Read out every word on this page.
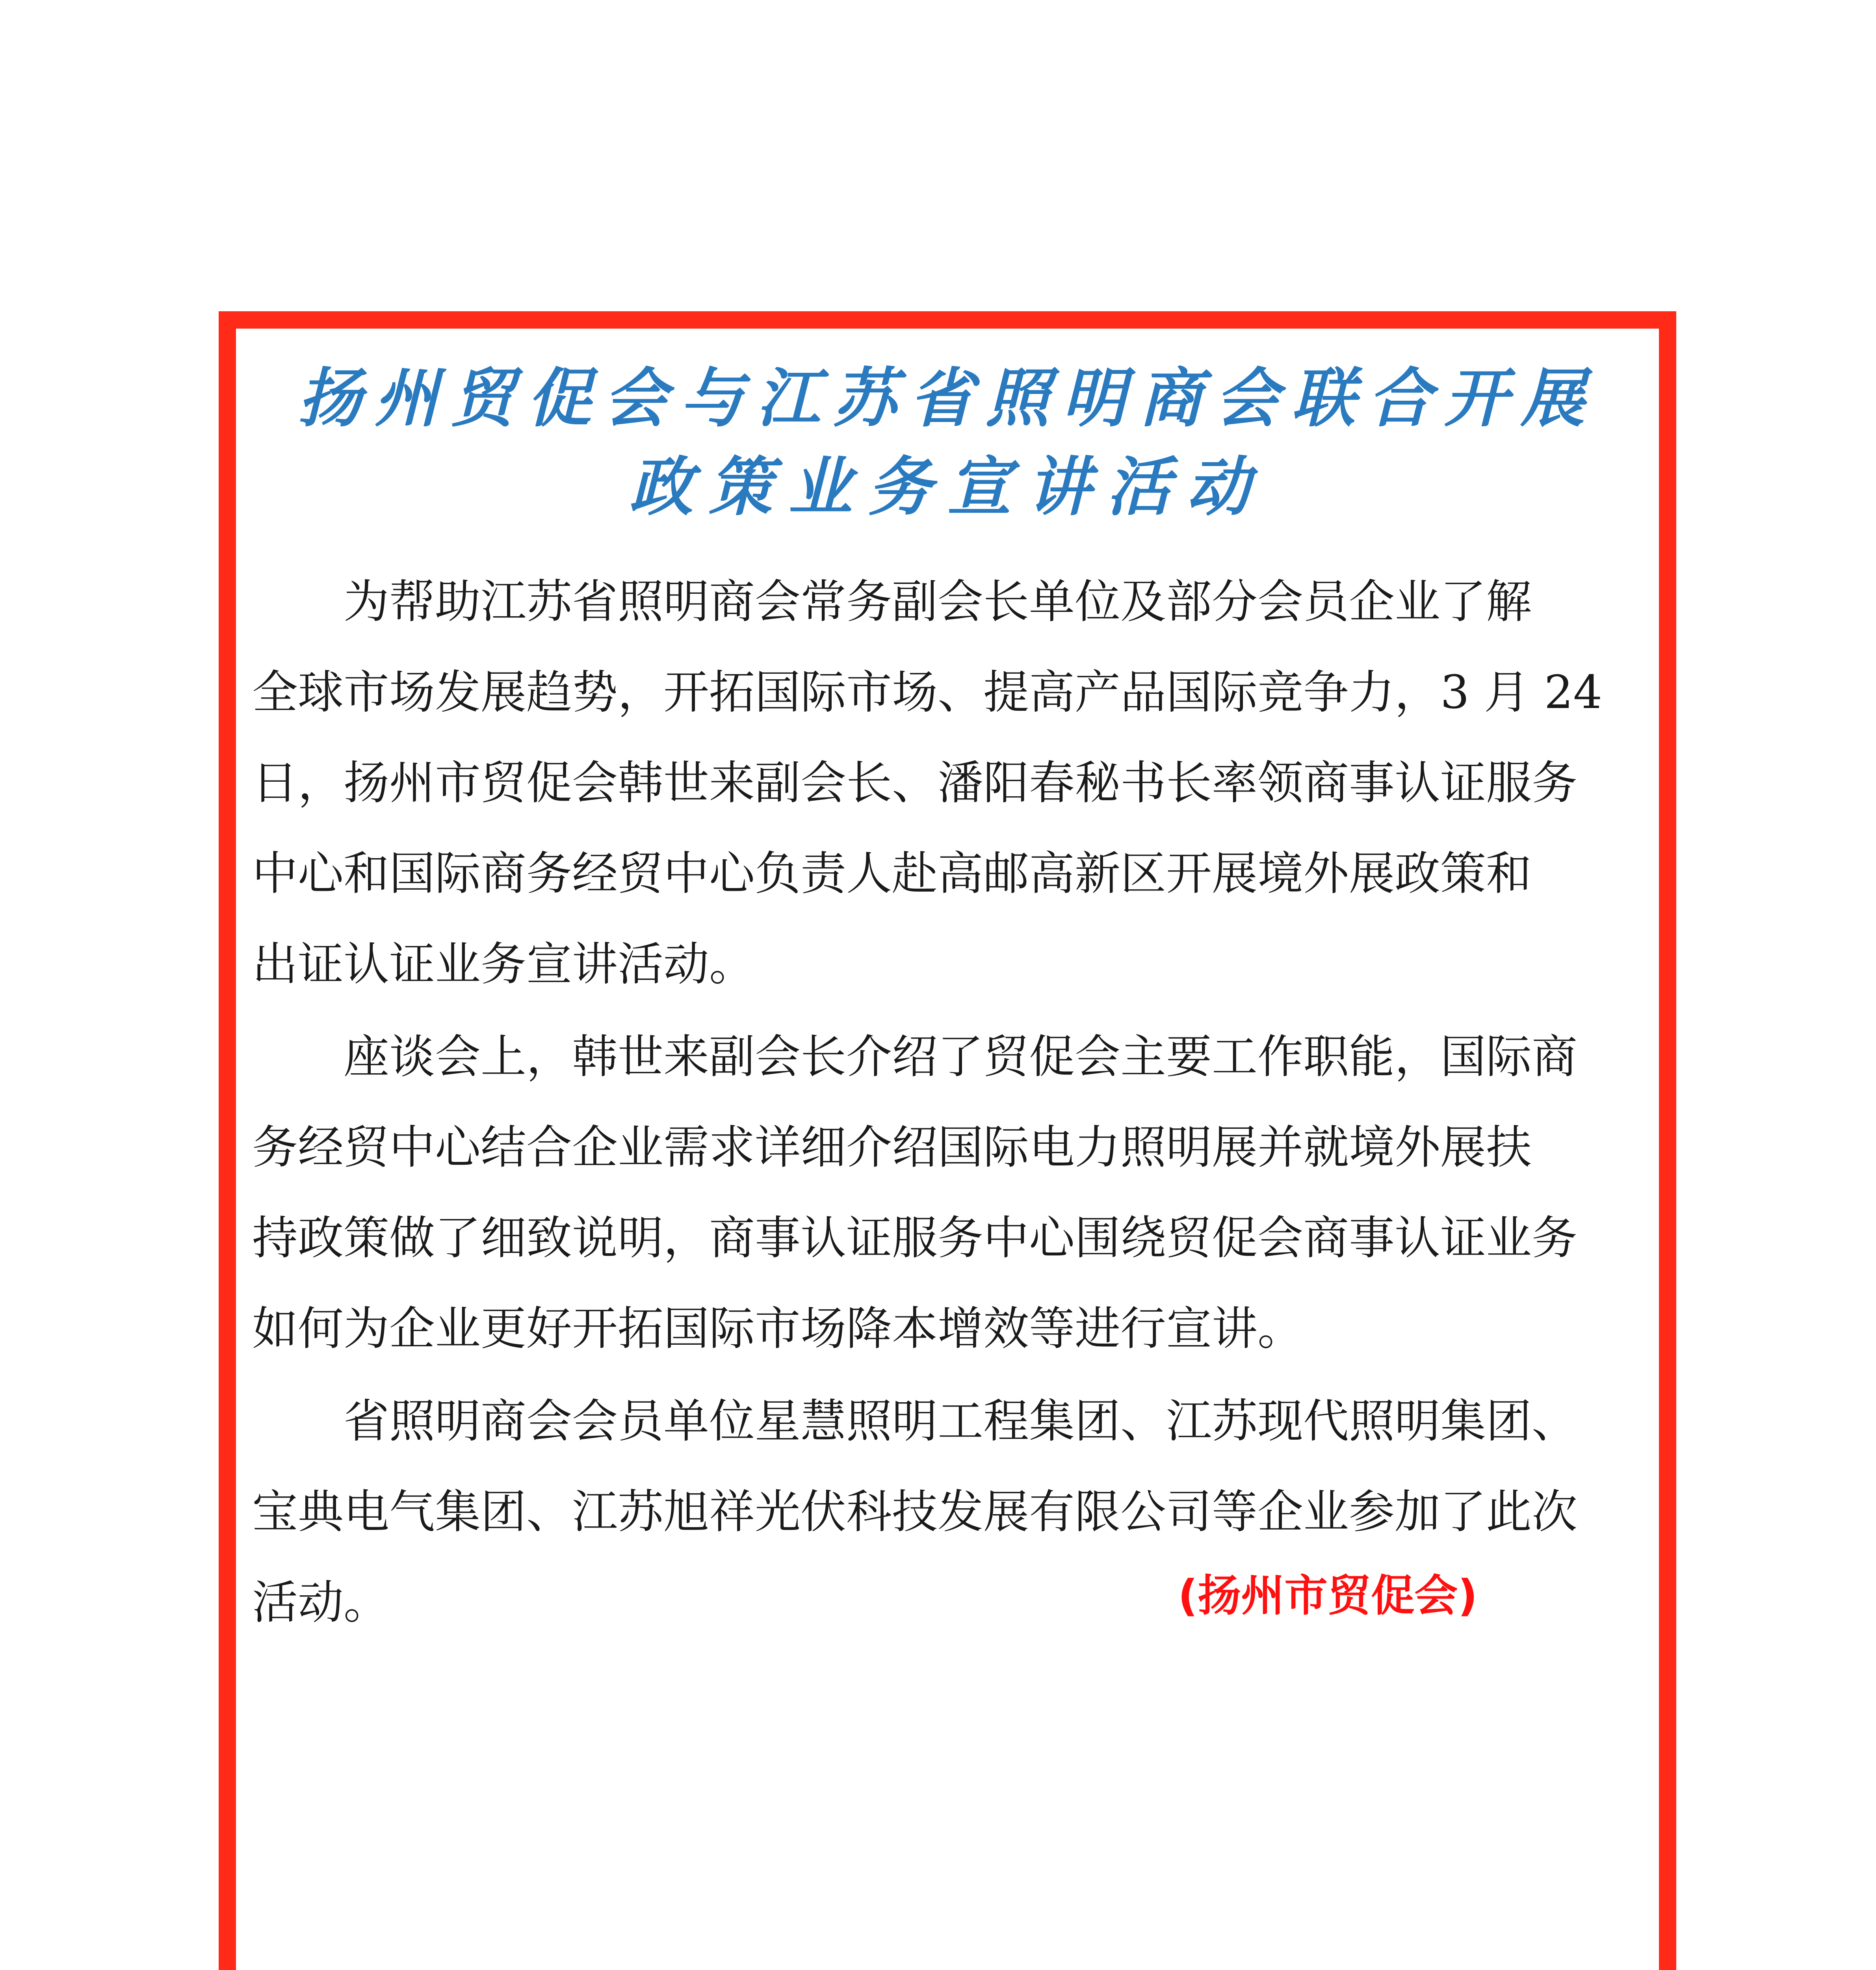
扬州贸促会与江苏省照明商会联合开展
政策业务宣讲活动
为帮助江苏省照明商会常务副会长单位及部分会员企业了解
全球市场发展趋势，开拓国际市场、提高产品国际竞争力，3 月 24
日，扬州市贸促会韩世来副会长、潘阳春秘书长率领商事认证服务
中心和国际商务经贸中心负责人赴高邮高新区开展境外展政策和
出证认证业务宣讲活动。
座谈会上，韩世来副会长介绍了贸促会主要工作职能，国际商
务经贸中心结合企业需求详细介绍国际电力照明展并就境外展扶
持政策做了细致说明，商事认证服务中心围绕贸促会商事认证业务
如何为企业更好开拓国际市场降本增效等进行宣讲。
省照明商会会员单位星慧照明工程集团、江苏现代照明集团、
宝典电气集团、江苏旭祥光伏科技发展有限公司等企业参加了此次
活动。	(扬州市贸促会)
